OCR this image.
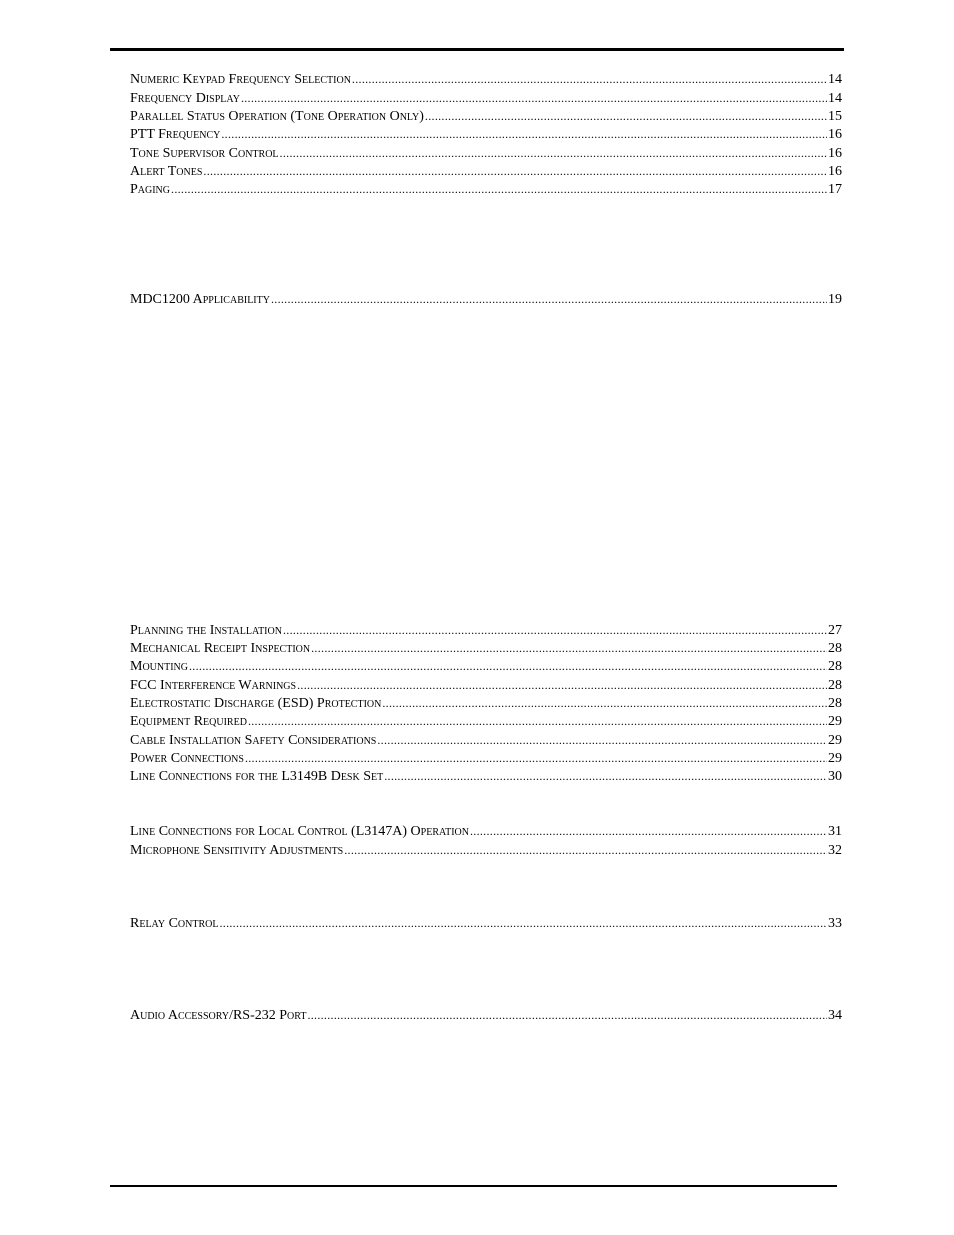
Numeric Keypad Frequency Selection .....	14
Frequency Display .....	14
Parallel Status Operation (Tone Operation Only) .....	15
PTT Frequency .....	16
Tone Supervisor Control .....	16
Alert Tones .....	16
Paging .....	17
MDC1200 Applicability .....	19
Planning the Installation .....	27
Mechanical Receipt Inspection .....	28
Mounting .....	28
FCC Interference Warnings .....	28
Electrostatic Discharge (ESD) Protection .....	28
Equipment Required .....	29
Cable Installation Safety Considerations .....	29
Power Connections .....	29
Line Connections for the L3149B Desk Set .....	30
Line Connections for Local Control (L3147A) Operation .....	31
Microphone Sensitivity Adjustments .....	32
Relay Control .....	33
Audio Accessory/RS-232 Port .....	34
